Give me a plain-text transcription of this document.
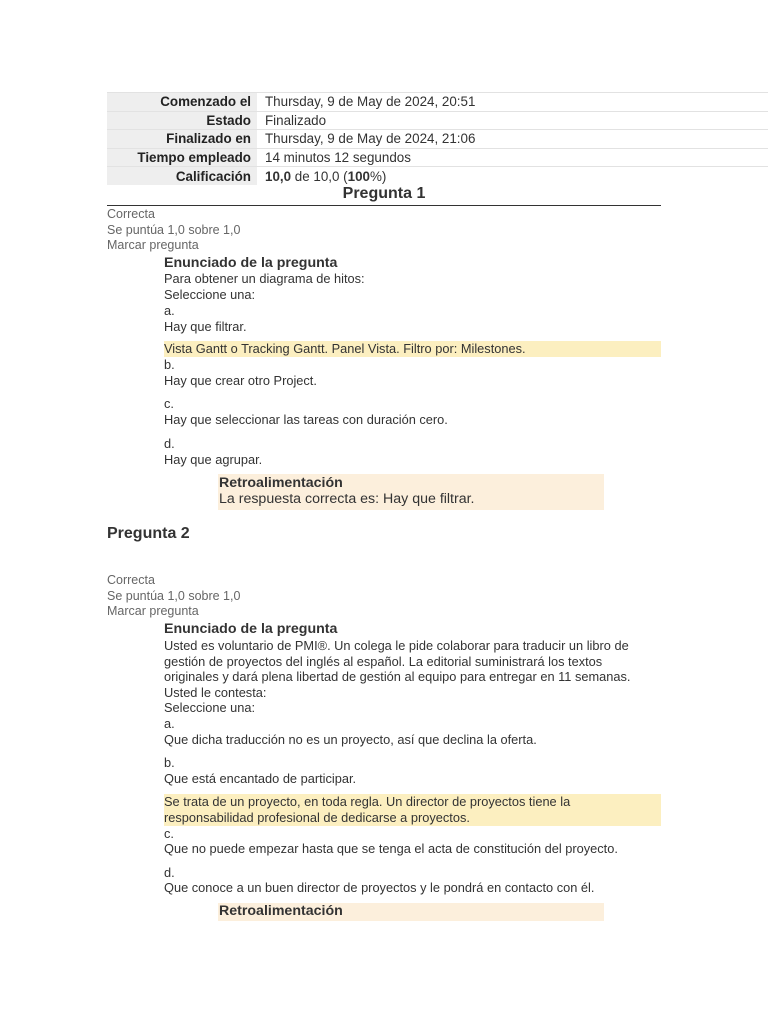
Comenzado el	Thursday, 9 de May de 2024, 20:51
Estado	Finalizado
Finalizado en	Thursday, 9 de May de 2024, 21:06
Tiempo empleado	14 minutos 12 segundos
Calificación	10,0 de 10,0 (100%)
Pregunta 1
Correcta
Se puntúa 1,0 sobre 1,0
Marcar pregunta
Enunciado de la pregunta
Para obtener un diagrama de hitos:
Seleccione una:
a.
Hay que filtrar.
Vista Gantt o Tracking Gantt. Panel Vista. Filtro por: Milestones.
b.
Hay que crear otro Project.
c.
Hay que seleccionar las tareas con duración cero.
d.
Hay que agrupar.
Retroalimentación
La respuesta correcta es: Hay que filtrar.
Pregunta 2
Correcta
Se puntúa 1,0 sobre 1,0
Marcar pregunta
Enunciado de la pregunta
Usted es voluntario de PMI®. Un colega le pide colaborar para traducir un libro de
gestión de proyectos del inglés al español. La editorial suministrará los textos
originales y dará plena libertad de gestión al equipo para entregar en 11 semanas.
Usted le contesta:
Seleccione una:
a.
Que dicha traducción no es un proyecto, así que declina la oferta.
b.
Que está encantado de participar.
Se trata de un proyecto, en toda regla. Un director de proyectos tiene la
responsabilidad profesional de dedicarse a proyectos.
c.
Que no puede empezar hasta que se tenga el acta de constitución del proyecto.
d.
Que conoce a un buen director de proyectos y le pondrá en contacto con él.
Retroalimentación
